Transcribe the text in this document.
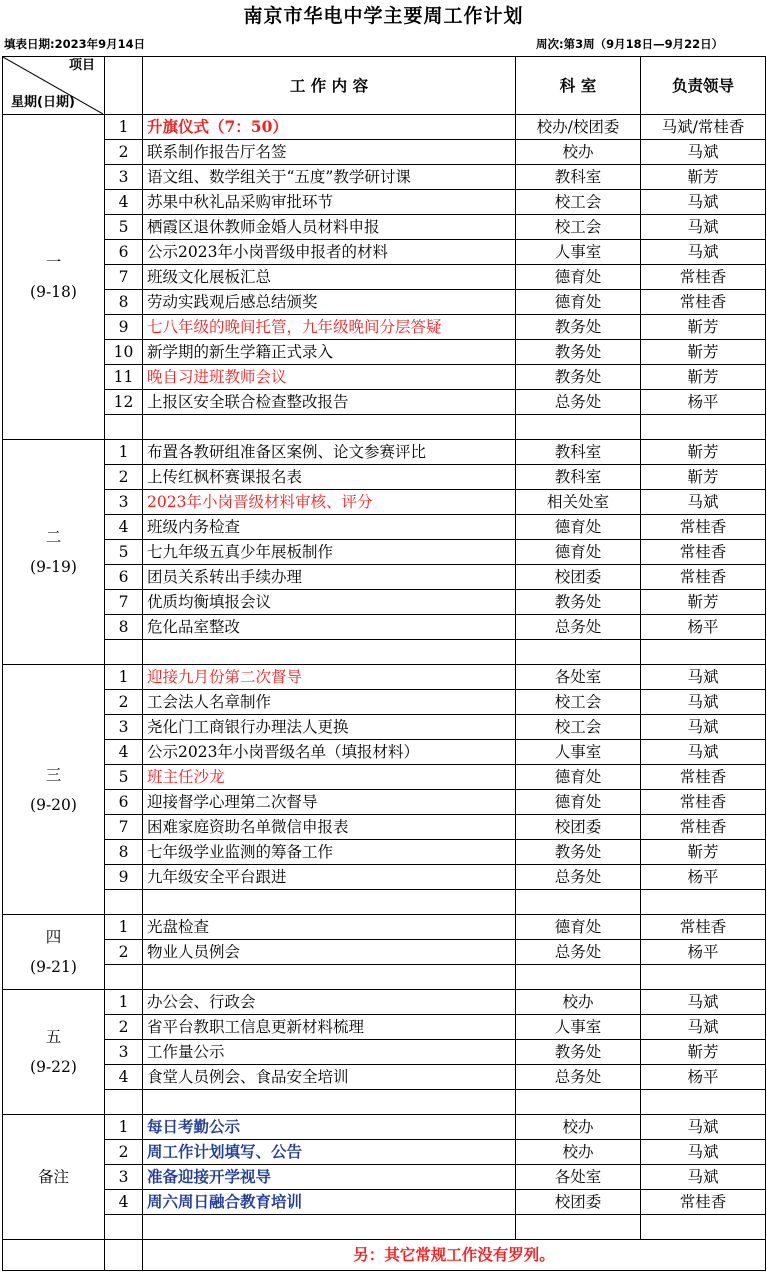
南京市华电中学主要周工作计划
填表日期:2023年9月14日	周次:第3周（9月18日—9月22日）
项目
星期(日期)		工 作 内 容	科 室	负责领导

一
(9-18)	1	升旗仪式（7：50）	校办/校团委	马斌/常桂香
	2	联系制作报告厅名签	校办	马斌
	3	语文组、数学组关于“五度”教学研讨课	教科室	靳芳
	4	苏果中秋礼品采购审批环节	校工会	马斌
	5	栖霞区退休教师金婚人员材料申报	校工会	马斌
	6	公示2023年小岗晋级申报者的材料	人事室	马斌
	7	班级文化展板汇总	德育处	常桂香
	8	劳动实践观后感总结颁奖	德育处	常桂香
	9	七八年级的晚间托管，九年级晚间分层答疑	教务处	靳芳
	10	新学期的新生学籍正式录入	教务处	靳芳
	11	晚自习进班教师会议	教务处	靳芳
	12	上报区安全联合检查整改报告	总务处	杨平

二
(9-19)	1	布置各教研组准备区案例、论文参赛评比	教科室	靳芳
	2	上传红枫杯赛课报名表	教科室	靳芳
	3	2023年小岗晋级材料审核、评分	相关处室	马斌
	4	班级内务检查	德育处	常桂香
	5	七九年级五真少年展板制作	德育处	常桂香
	6	团员关系转出手续办理	校团委	常桂香
	7	优质均衡填报会议	教务处	靳芳
	8	危化品室整改	总务处	杨平

三
(9-20)	1	迎接九月份第二次督导	各处室	马斌
	2	工会法人名章制作	校工会	马斌
	3	尧化门工商银行办理法人更换	校工会	马斌
	4	公示2023年小岗晋级名单（填报材料）	人事室	马斌
	5	班主任沙龙	德育处	常桂香
	6	迎接督学心理第二次督导	德育处	常桂香
	7	困难家庭资助名单微信申报表	校团委	常桂香
	8	七年级学业监测的筹备工作	教务处	靳芳
	9	九年级安全平台跟进	总务处	杨平

四
(9-21)	1	光盘检查	德育处	常桂香
	2	物业人员例会	总务处	杨平

五
(9-22)	1	办公会、行政会	校办	马斌
	2	省平台教职工信息更新材料梳理	人事室	马斌
	3	工作量公示	教务处	靳芳
	4	食堂人员例会、食品安全培训	总务处	杨平

备注	1	每日考勤公示	校办	马斌
	2	周工作计划填写、公告	校办	马斌
	3	准备迎接开学视导	各处室	马斌
	4	周六周日融合教育培训	校团委	常桂香

		另：其它常规工作没有罗列。		
